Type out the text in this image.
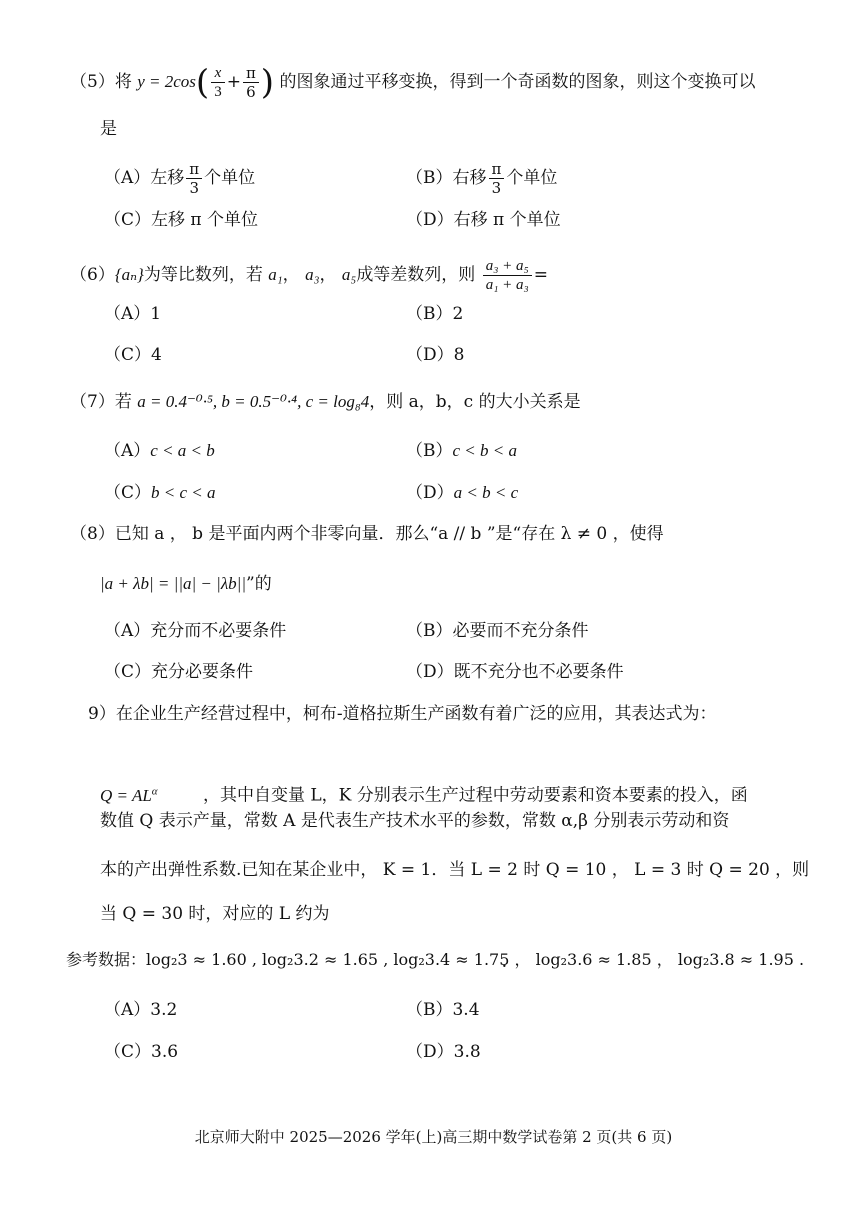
（5）将 $y = 2\cos( \frac{x}{3} + \frac{\pi}{6}$ ) 的图象通过平移变换，得到一个奇函数的图象，则这个变换可以
是
（A）左移 $\frac{\pi}{3}$ 个单位	（B）右移 $\frac{\pi}{3}$ 个单位
（C）左移 π 个单位	（D）右移 π 个单位
（6）{aₙ}为等比数列，若 a₁， a₃， a₅成等差数列，则 $\frac{\text{a₃ + a₅}}{\text{a₁ + a₃}}$ =
（A）1	（B）2
（C）4	（D）8
（7）若 a = 0.4⁻⁰·⁵, b = 0.5⁻⁰·⁴, c = log₈4，则 a，b，c 的大小关系是
（A）c < a < b	（B）c < b < a
（C）b < c < a	（D）a < b < c
（8）已知 a ， b 是平面内两个非零向量．那么“a // b ”是“存在 λ ≠ 0 ，使得
|a + λb| = ||a| − |λb||”的
（A）充分而不必要条件	（B）必要而不充分条件
（C）充分必要条件	（D）既不充分也不必要条件
9）在企业生产经营过程中，柯布-道格拉斯生产函数有着广泛的应用，其表达式为：
$Q = AL^\alpha$	，其中自变量 L，K 分别表示生产过程中劳动要素和资本要素的投入，函
数值 Q 表示产量，常数 A 是代表生产技术水平的参数，常数 α,β 分别表示劳动和资
本的产出弹性系数.已知在某企业中， K = 1．当 L = 2 时 Q = 10 ， L = 3 时 Q = 20 ，则
当 Q = 30 时，对应的 L 约为
参考数据：log₂3 ≈ 1.60 , log₂3.2 ≈ 1.65 , log₂3.4 ≈ 1.75 • ， log₂3.6 ≈ 1.85 ， log₂3.8 ≈ 1.95 .
（A）3.2	（B）3.4
（C）3.6	（D）3.8
北京师大附中 2025—2026 学年(上)高三期中数学试卷第 2 页(共 6 页)
